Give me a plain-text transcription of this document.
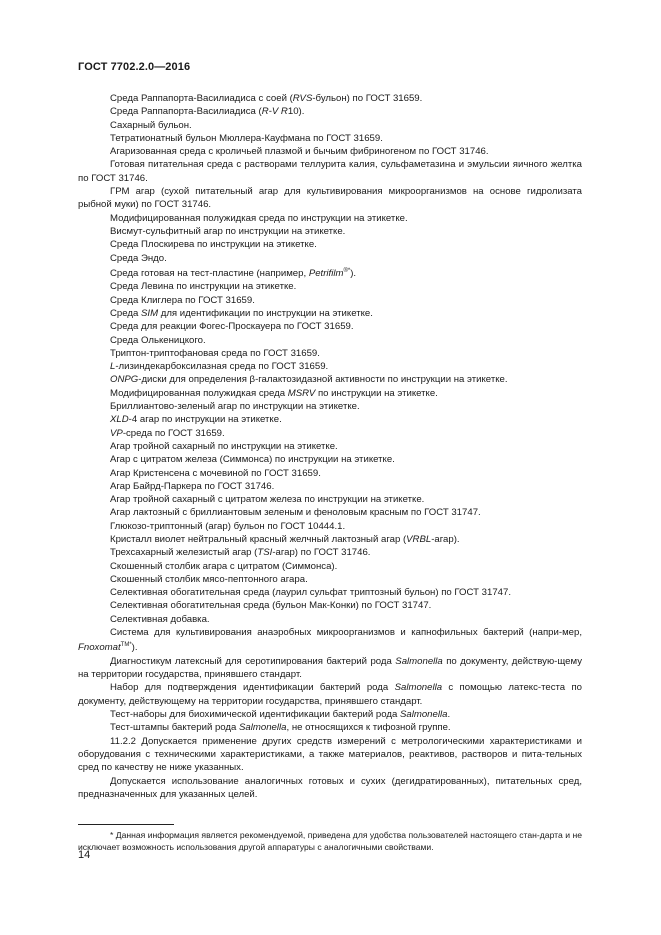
ГОСТ 7702.2.0—2016

Среда Раппапорта-Василиадиса с соей (RVS-бульон) по ГОСТ 31659.

Среда Раппапорта-Василиадиса (R-V R10).

Сахарный бульон.

Тетратионатный бульон Мюллера-Кауфмана по ГОСТ 31659.

Агаризованная среда с кроличьей плазмой и бычьим фибриногеном по ГОСТ 31746.

Готовая питательная среда с растворами теллурита калия, сульфаметазина и эмульсии яичного желтка по ГОСТ 31746.

ГРМ агар (сухой питательный агар для культивирования микроорганизмов на основе гидролизата рыбной муки) по ГОСТ 31746.

Модифицированная полужидкая среда по инструкции на этикетке.

Висмут-сульфитный агар по инструкции на этикетке.

Среда Плоскирева по инструкции на этикетке.

Среда Эндо.

Среда готовая на тест-пластине (например, Petrifilm®*).

Среда Левина по инструкции на этикетке.

Среда Клиглера по ГОСТ 31659.

Среда SIM для идентификации по инструкции на этикетке.

Среда для реакции Фогес-Проскауера по ГОСТ 31659.

Среда Олькеницкого.

Триптон-триптофановая среда по ГОСТ 31659.

L-лизиндекарбоксилазная среда по ГОСТ 31659.

ONPG-диски для определения β-галактозидазной активности по инструкции на этикетке.

Модифицированная полужидкая среда MSRV по инструкции на этикетке.

Бриллиантово-зеленый агар по инструкции на этикетке.

XLD-4 агар по инструкции на этикетке.

VP-среда по ГОСТ 31659.

Агар тройной сахарный по инструкции на этикетке.

Агар с цитратом железа (Симмонса) по инструкции на этикетке.

Агар Кристенсена с мочевиной по ГОСТ 31659.

Агар Байрд-Паркера по ГОСТ 31746.

Агар тройной сахарный с цитратом железа по инструкции на этикетке.

Агар лактозный с бриллиантовым зеленым и феноловым красным по ГОСТ 31747.

Глюкозо-триптонный (агар) бульон по ГОСТ 10444.1.

Кристалл виолет нейтральный красный желчный лактозный агар (VRBL-агар).

Трехсахарный железистый агар (TSI-агар) по ГОСТ 31746.

Скошенный столбик агара с цитратом (Симмонса).

Скошенный столбик мясо-пептонного агара.

Селективная обогатительная среда (лаурил сульфат триптозный бульон) по ГОСТ 31747.

Селективная обогатительная среда (бульон Мак-Конки) по ГОСТ 31747.

Селективная добавка.

Система для культивирования анаэробных микроорганизмов и капнофильных бактерий (напри-мер, Fnoxomat$^{TM*}$).

Диагностикум латексный для серотипирования бактерий рода Salmonella по документу, действую-щему на территории государства, принявшего стандарт.

Набор для подтверждения идентификации бактерий рода Salmonella с помощью латекс-теста по документу, действующему на территории государства, принявшего стандарт.

Тест-наборы для биохимической идентификации бактерий рода Salmonella.

Тест-штампы бактерий рода Salmonella, не относящихся к тифозной группе.

11.2.2 Допускается применение других средств измерений с метрологическими характеристиками и оборудования с техническими характеристиками, а также материалов, реактивов, растворов и пита-тельных сред по качеству не ниже указанных.

Допускается использование аналогичных готовых и сухих (дегидратированных), питательных сред, предназначенных для указанных целей.

* Данная информация является рекомендуемой, приведена для удобства пользователей настоящего стан-дарта и не исключает возможность использования другой аппаратуры с аналогичными свойствами.
14
